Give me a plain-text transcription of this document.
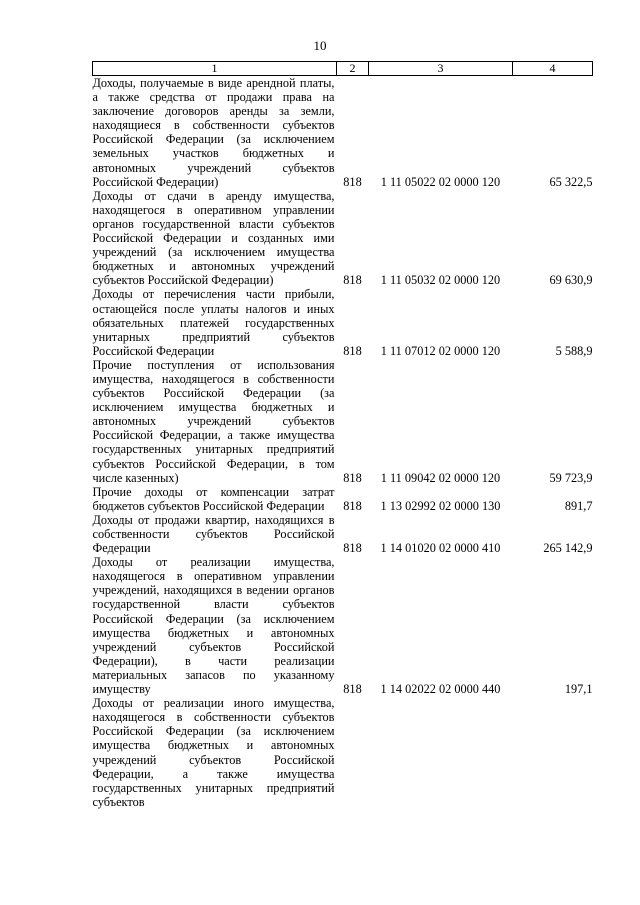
10
1	2	3	4
Доходы, получаемые в виде арендной платы, а также средства от продажи права на заключение договоров аренды за земли, находящиеся в собственности субъектов Российской Федерации (за исключением земельных участков бюджетных и автономных учреждений субъектов Российской Федерации)	818	1 11 05022 02 0000 120	65 322,5
Доходы от сдачи в аренду имущества, находящегося в оперативном управлении органов государственной власти субъектов Российской Федерации и созданных ими учреждений (за исключением имущества бюджетных и автономных учреждений субъектов Российской Федерации)	818	1 11 05032 02 0000 120	69 630,9
Доходы от перечисления части прибыли, остающейся после уплаты налогов и иных обязательных платежей государственных унитарных предприятий субъектов Российской Федерации	818	1 11 07012 02 0000 120	5 588,9
Прочие поступления от использования имущества, находящегося в собственности субъектов Российской Федерации (за исключением имущества бюджетных и автономных учреждений субъектов Российской Федерации, а также имущества государственных унитарных предприятий субъектов Российской Федерации, в том числе казенных)	818	1 11 09042 02 0000 120	59 723,9
Прочие доходы от компенсации затрат бюджетов субъектов Российской Федерации	818	1 13 02992 02 0000 130	891,7
Доходы от продажи квартир, находящихся в собственности субъектов Российской Федерации	818	1 14 01020 02 0000 410	265 142,9
Доходы от реализации имущества, находящегося в оперативном управлении учреждений, находящихся в ведении органов государственной власти субъектов Российской Федерации (за исключением имущества бюджетных и автономных учреждений субъектов Российской Федерации), в части реализации материальных запасов по указанному имуществу	818	1 14 02022 02 0000 440	197,1
Доходы от реализации иного имущества, находящегося в собственности субъектов Российской Федерации (за исключением имущества бюджетных и автономных учреждений субъектов Российской Федерации, а также имущества государственных унитарных предприятий субъектов			
